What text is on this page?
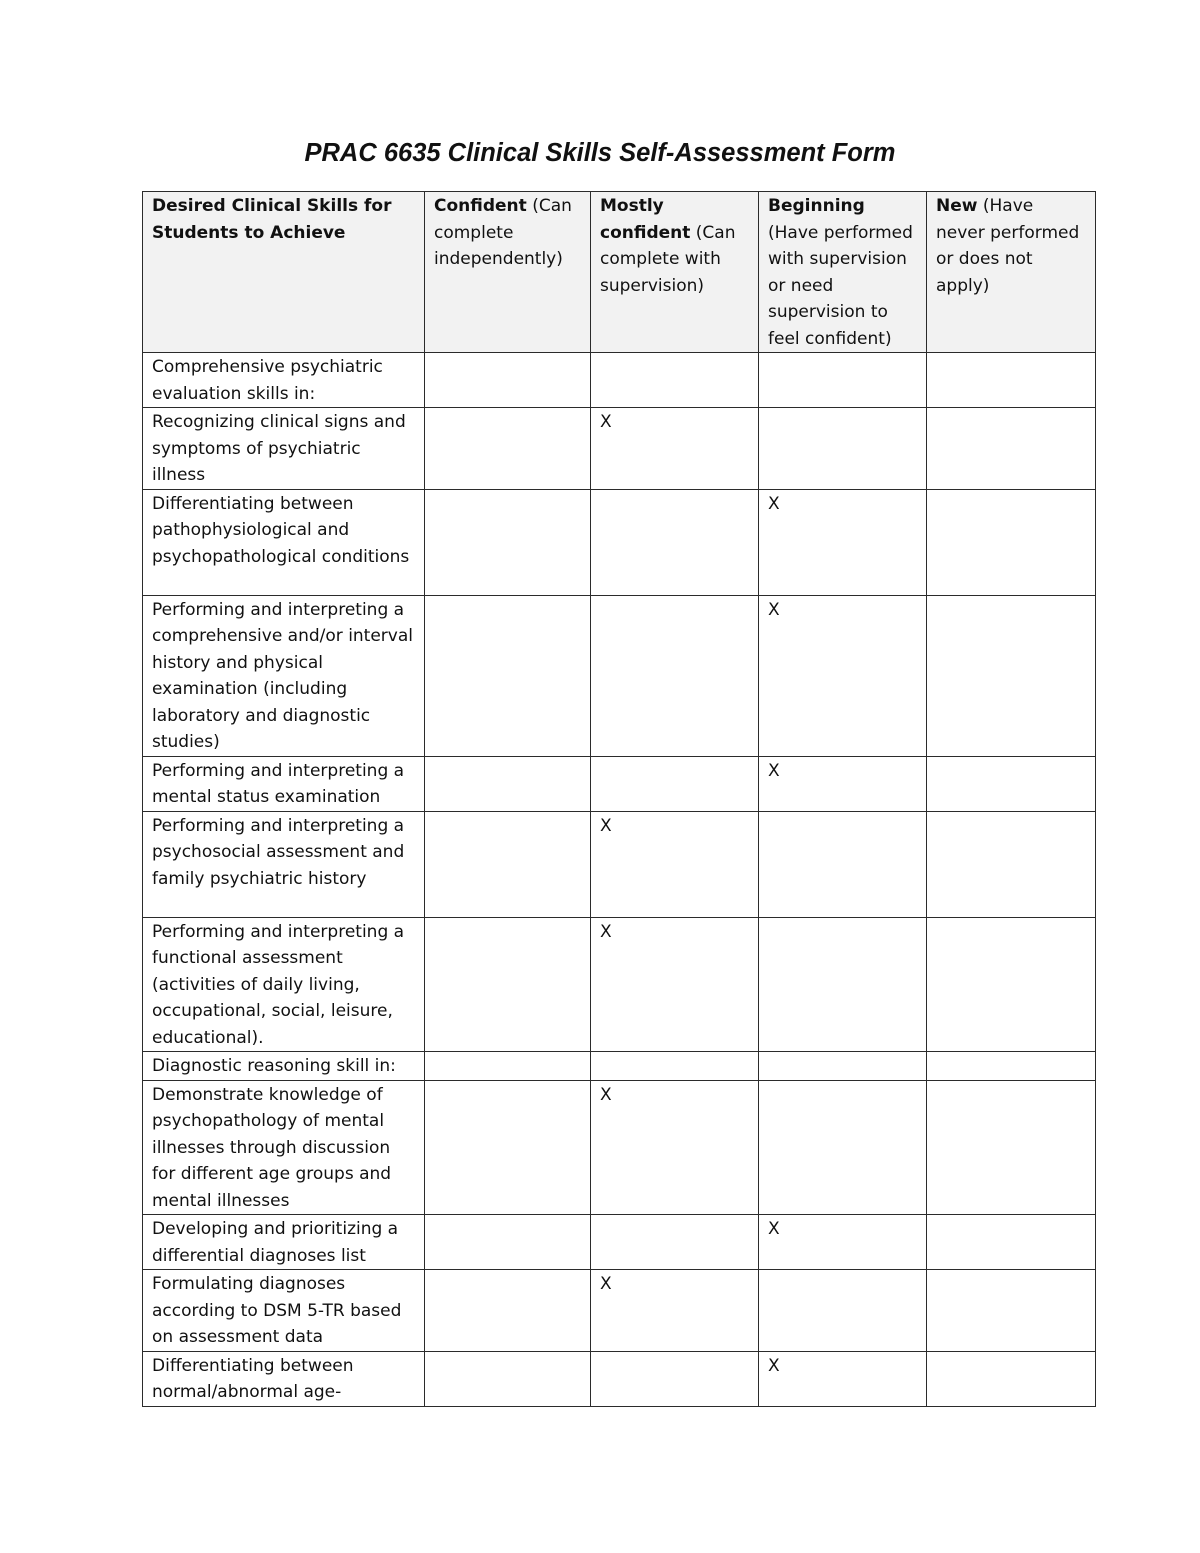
PRAC 6635 Clinical Skills Self-Assessment Form
Desired Clinical Skills for Students to Achieve	Confident (Can complete independently)	Mostly confident (Can complete with supervision)	Beginning (Have performed with supervision or need supervision to feel confident)	New (Have never performed or does not apply)
Comprehensive psychiatric evaluation skills in:				
Recognizing clinical signs and symptoms of psychiatric illness		X		
Differentiating between pathophysiological and psychopathological conditions			X	
Performing and interpreting a comprehensive and/or interval history and physical examination (including laboratory and diagnostic studies)			X	
Performing and interpreting a mental status examination			X	
Performing and interpreting a psychosocial assessment and family psychiatric history		X		
Performing and interpreting a functional assessment (activities of daily living, occupational, social, leisure, educational).		X		
Diagnostic reasoning skill in:				
Demonstrate knowledge of psychopathology of mental illnesses through discussion for different age groups and mental illnesses		X		
Developing and prioritizing a differential diagnoses list			X	
Formulating diagnoses according to DSM 5-TR based on assessment data		X		
Differentiating between normal/abnormal age-			X	
